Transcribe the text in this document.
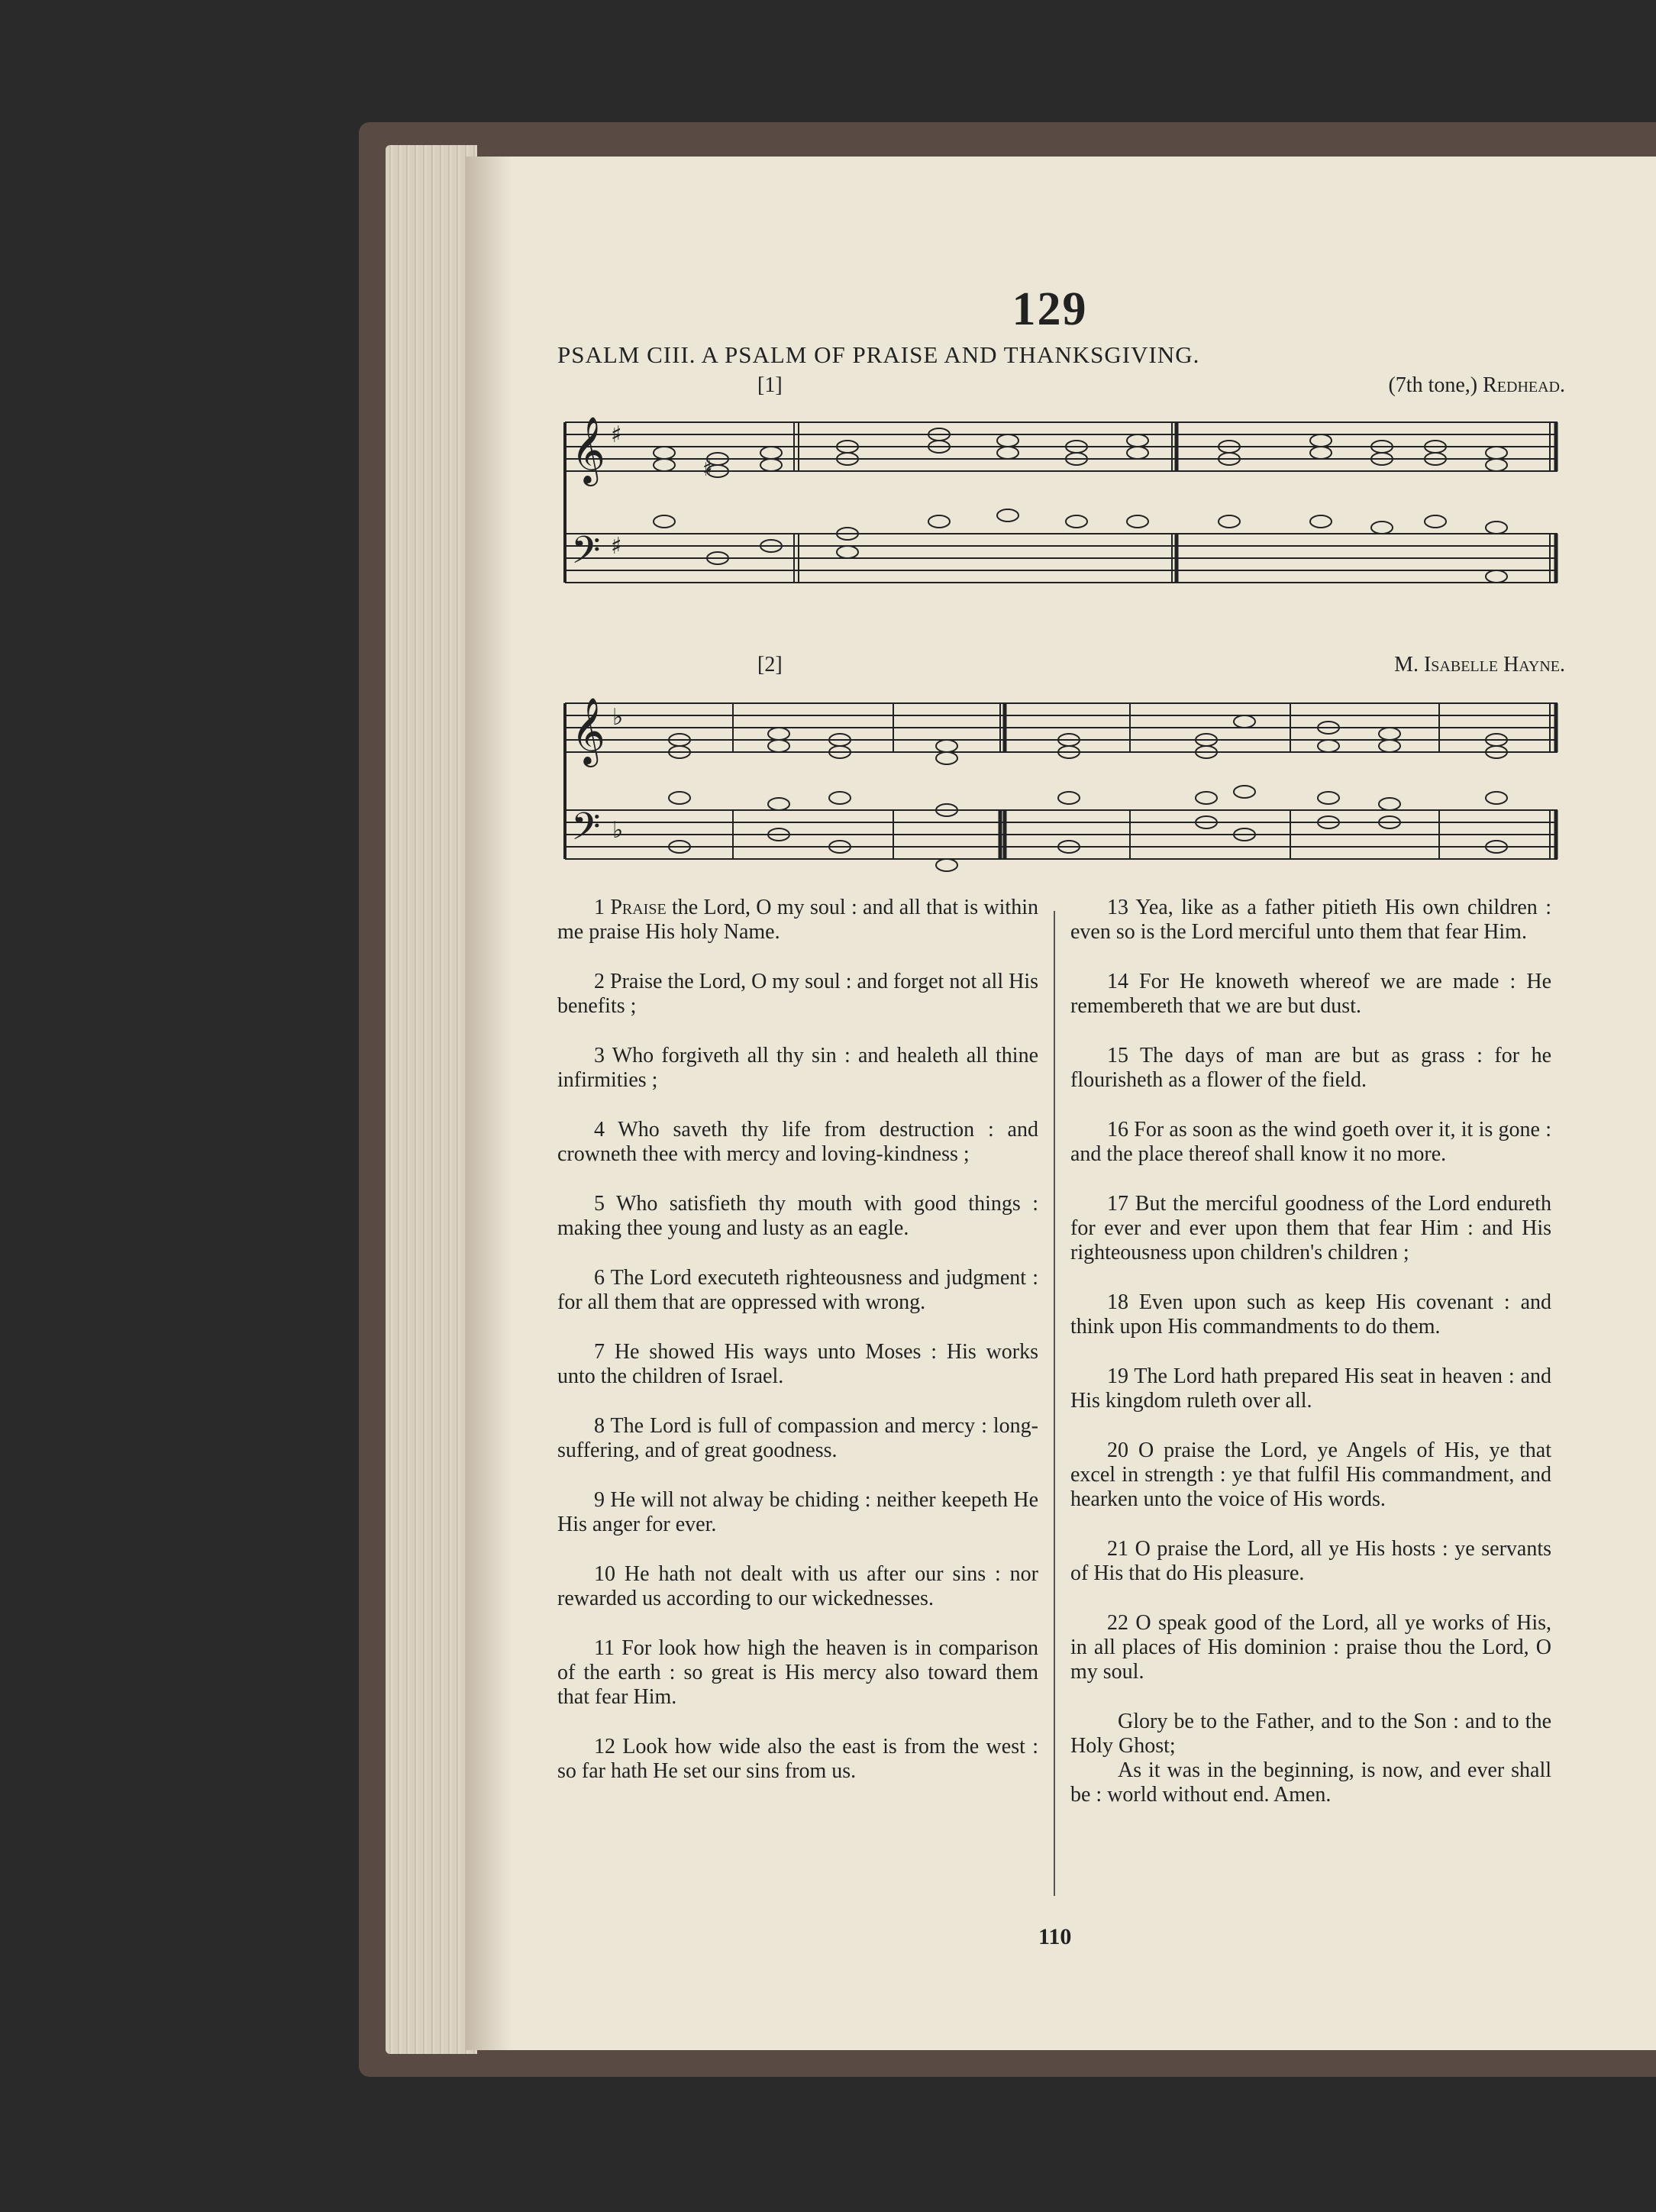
129
PSALM CIII. A PSALM OF PRAISE AND THANKSGIVING.
[1]	(7th tone,) Redhead.
𝄞
𝄢
♯
♯
♯
[2]	M. Isabelle Hayne.
𝄞
𝄢
♭
♭

1 Praise the Lord, O my soul : and all that is within me praise His holy Name.

2 Praise the Lord, O my soul : and forget not all His benefits ;

3 Who forgiveth all thy sin : and healeth all thine infirmities ;

4 Who saveth thy life from destruction : and crowneth thee with mercy and loving-kindness ;

5 Who satisfieth thy mouth with good things : making thee young and lusty as an eagle.

6 The Lord executeth righteousness and judgment : for all them that are oppressed with wrong.

7 He showed His ways unto Moses : His works unto the children of Israel.

8 The Lord is full of compassion and mercy : long-suffering, and of great goodness.

9 He will not alway be chiding : neither keepeth He His anger for ever.

10 He hath not dealt with us after our sins : nor rewarded us according to our wickednesses.

11 For look how high the heaven is in comparison of the earth : so great is His mercy also toward them that fear Him.

12 Look how wide also the east is from the west : so far hath He set our sins from us.

13 Yea, like as a father pitieth His own children : even so is the Lord merciful unto them that fear Him.

14 For He knoweth whereof we are made : He remembereth that we are but dust.

15 The days of man are but as grass : for he flourisheth as a flower of the field.

16 For as soon as the wind goeth over it, it is gone : and the place thereof shall know it no more.

17 But the merciful goodness of the Lord endureth for ever and ever upon them that fear Him : and His righteousness upon children's children ;

18 Even upon such as keep His covenant : and think upon His commandments to do them.

19 The Lord hath prepared His seat in heaven : and His kingdom ruleth over all.

20 O praise the Lord, ye Angels of His, ye that excel in strength : ye that fulfil His commandment, and hearken unto the voice of His words.

21 O praise the Lord, all ye His hosts : ye servants of His that do His pleasure.

22 O speak good of the Lord, all ye works of His, in all places of His dominion : praise thou the Lord, O my soul.

Glory be to the Father, and to the Son : and to the Holy Ghost;

As it was in the beginning, is now, and ever shall be : world without end. Amen.

110
